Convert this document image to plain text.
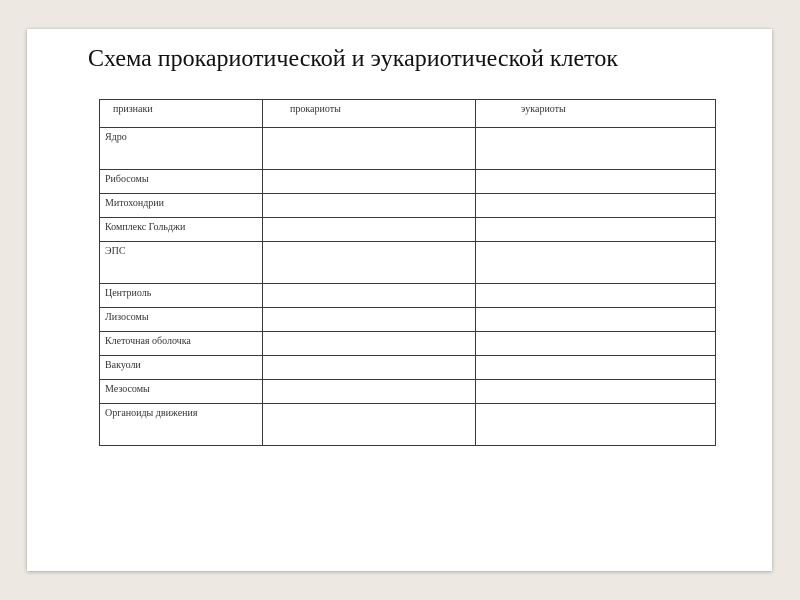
Схема прокариотической и эукариотической клеток
признаки	прокариоты	эукариоты
Ядро		
Рибосомы		
Митохондрии		
Комплекс Гольджи		
ЭПС		
Центриоль		
Лизосомы		
Клеточная оболочка		
Вакуоли		
Мезосомы		
Органоиды движения		
